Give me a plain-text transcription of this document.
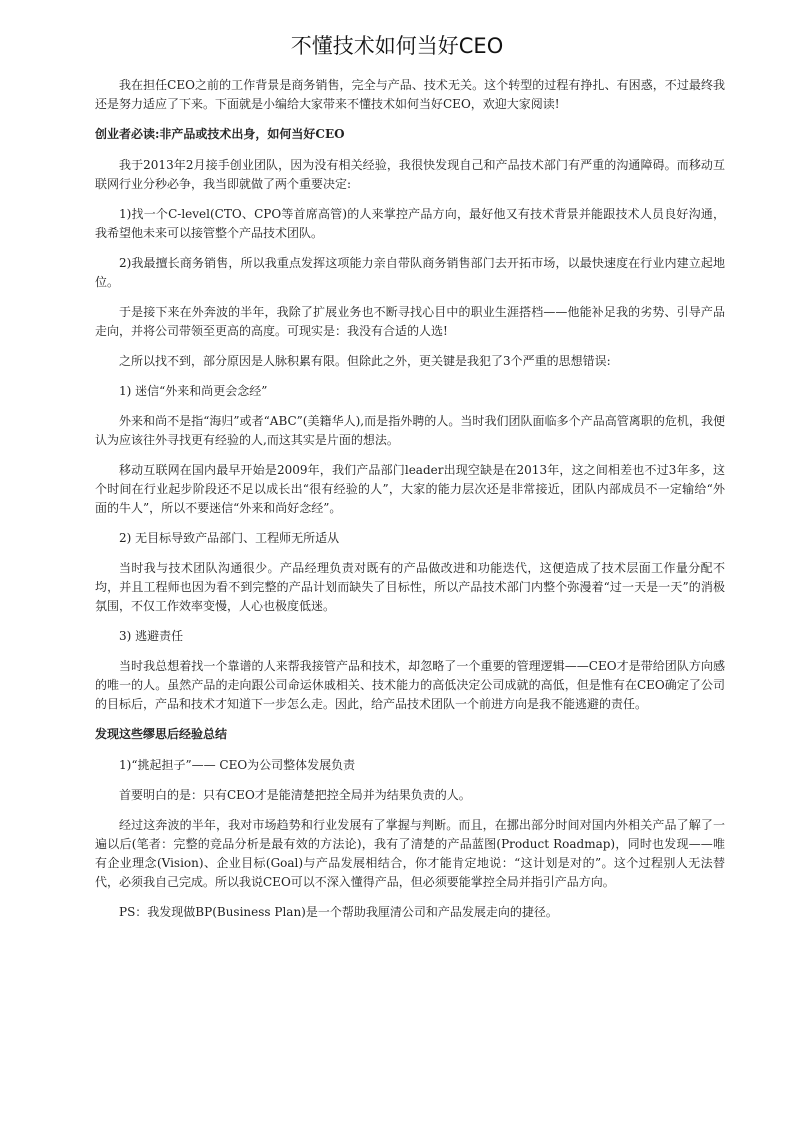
不懂技术如何当好CEO

我在担任CEO之前的工作背景是商务销售，完全与产品、技术无关。这个转型的过程有挣扎、有困惑，不过最终我还是努力适应了下来。下面就是小编给大家带来不懂技术如何当好CEO，欢迎大家阅读!

创业者必读:非产品或技术出身，如何当好CEO

我于2013年2月接手创业团队，因为没有相关经验，我很快发现自己和产品技术部门有严重的沟通障碍。而移动互联网行业分秒必争，我当即就做了两个重要决定:

1)找一个C-level(CTO、CPO等首席高管)的人来掌控产品方向，最好他又有技术背景并能跟技术人员良好沟通，我希望他未来可以接管整个产品技术团队。

2)我最擅长商务销售，所以我重点发挥这项能力亲自带队商务销售部门去开拓市场，以最快速度在行业内建立起地位。

于是接下来在外奔波的半年，我除了扩展业务也不断寻找心目中的职业生涯搭档——他能补足我的劣势、引导产品走向，并将公司带领至更高的高度。可现实是：我没有合适的人选!

之所以找不到，部分原因是人脉积累有限。但除此之外，更关键是我犯了3个严重的思想错误:

1) 迷信“外来和尚更会念经”

外来和尚不是指“海归”或者“ABC”(美籍华人),而是指外聘的人。当时我们团队面临多个产品高管离职的危机，我便认为应该往外寻找更有经验的人,而这其实是片面的想法。

移动互联网在国内最早开始是2009年，我们产品部门leader出现空缺是在2013年，这之间相差也不过3年多，这个时间在行业起步阶段还不足以成长出“很有经验的人”，大家的能力层次还是非常接近，团队内部成员不一定输给“外面的牛人”，所以不要迷信“外来和尚好念经”。

2) 无目标导致产品部门、工程师无所适从

当时我与技术团队沟通很少。产品经理负责对既有的产品做改进和功能迭代，这便造成了技术层面工作量分配不均，并且工程师也因为看不到完整的产品计划而缺失了目标性，所以产品技术部门内整个弥漫着“过一天是一天”的消极氛围，不仅工作效率变慢，人心也极度低迷。

3) 逃避责任

当时我总想着找一个靠谱的人来帮我接管产品和技术，却忽略了一个重要的管理逻辑——CEO才是带给团队方向感的唯一的人。虽然产品的走向跟公司命运休戚相关、技术能力的高低决定公司成就的高低，但是惟有在CEO确定了公司的目标后，产品和技术才知道下一步怎么走。因此，给产品技术团队一个前进方向是我不能逃避的责任。

发现这些缪思后经验总结

1)“挑起担子”—— CEO为公司整体发展负责

首要明白的是：只有CEO才是能清楚把控全局并为结果负责的人。

经过这奔波的半年，我对市场趋势和行业发展有了掌握与判断。而且，在挪出部分时间对国内外相关产品了解了一遍以后(笔者：完整的竞品分析是最有效的方法论)，我有了清楚的产品蓝图(Product Roadmap)，同时也发现——唯有企业理念(Vision)、企业目标(Goal)与产品发展相结合，你才能肯定地说：“这计划是对的”。这个过程别人无法替代，必须我自己完成。所以我说CEO可以不深入懂得产品，但必须要能掌控全局并指引产品方向。

PS：我发现做BP(Business Plan)是一个帮助我厘清公司和产品发展走向的捷径。
